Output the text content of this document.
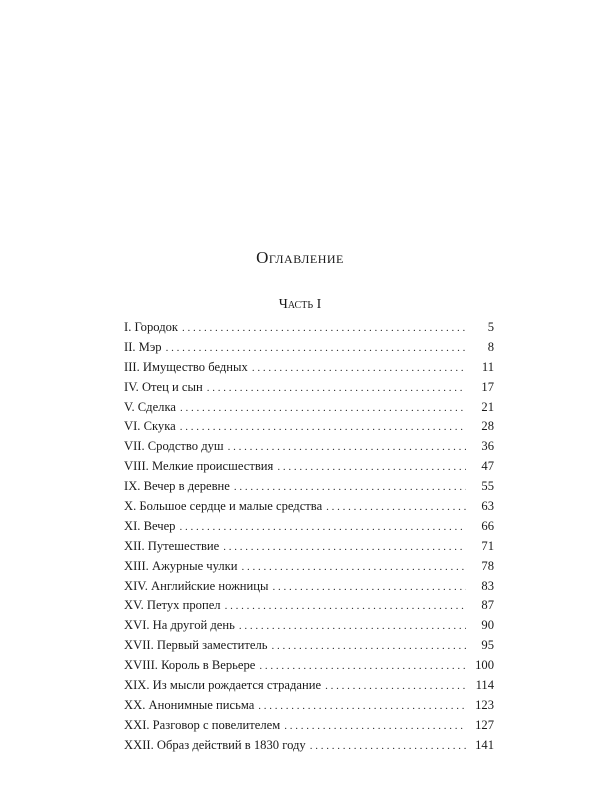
Оглавление
Часть I
I. Городок . . .	5
II. Мэр . . .	8
III. Имущество бедных . . .	11
IV. Отец и сын . . .	17
V. Сделка . . .	21
VI. Скука . . .	28
VII. Сродство душ . . .	36
VIII. Мелкие происшествия . . .	47
IX. Вечер в деревне . . .	55
X. Большое сердце и малые средства . . .	63
XI. Вечер . . .	66
XII. Путешествие . . .	71
XIII. Ажурные чулки . . .	78
XIV. Английские ножницы . . .	83
XV. Петух пропел . . .	87
XVI. На другой день . . .	90
XVII. Первый заместитель . . .	95
XVIII. Король в Верьере . . .	100
XIX. Из мысли рождается страдание . . .	114
XX. Анонимные письма . . .	123
XXI. Разговор с повелителем . . .	127
XXII. Образ действий в 1830 году . . .	141
